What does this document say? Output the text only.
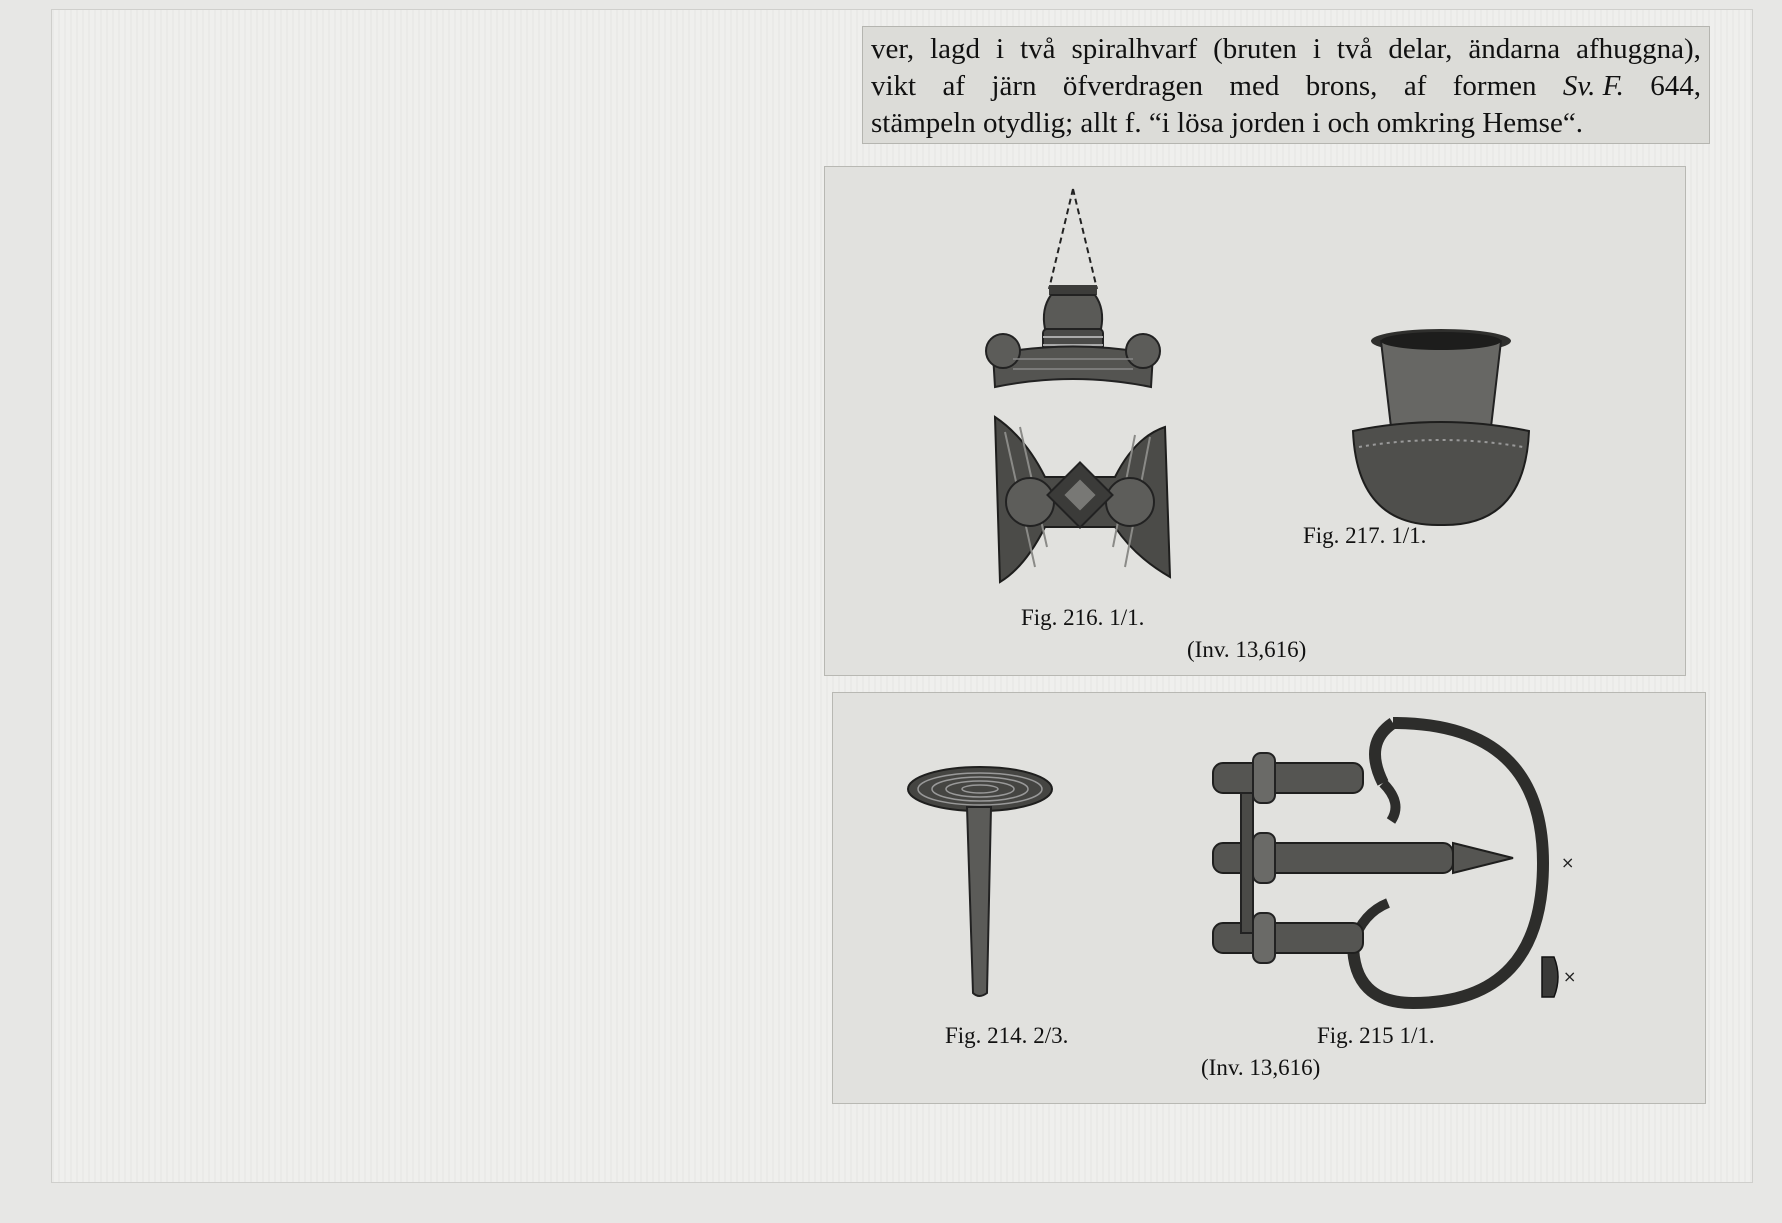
ver, lagd i två spiralhvarf (bruten i två delar, ändarna afhuggna),
vikt af järn öfverdragen med brons, af formen Sv. F. 644,
stämpeln otydlig; allt f. “i lösa jorden i och omkring Hemse“.

Fig. 217. 1/1.
Fig. 216. 1/1.
(Inv. 13,616)
×
×
Fig. 214. 2/3.	Fig. 215 1/1.
(Inv. 13,616)
